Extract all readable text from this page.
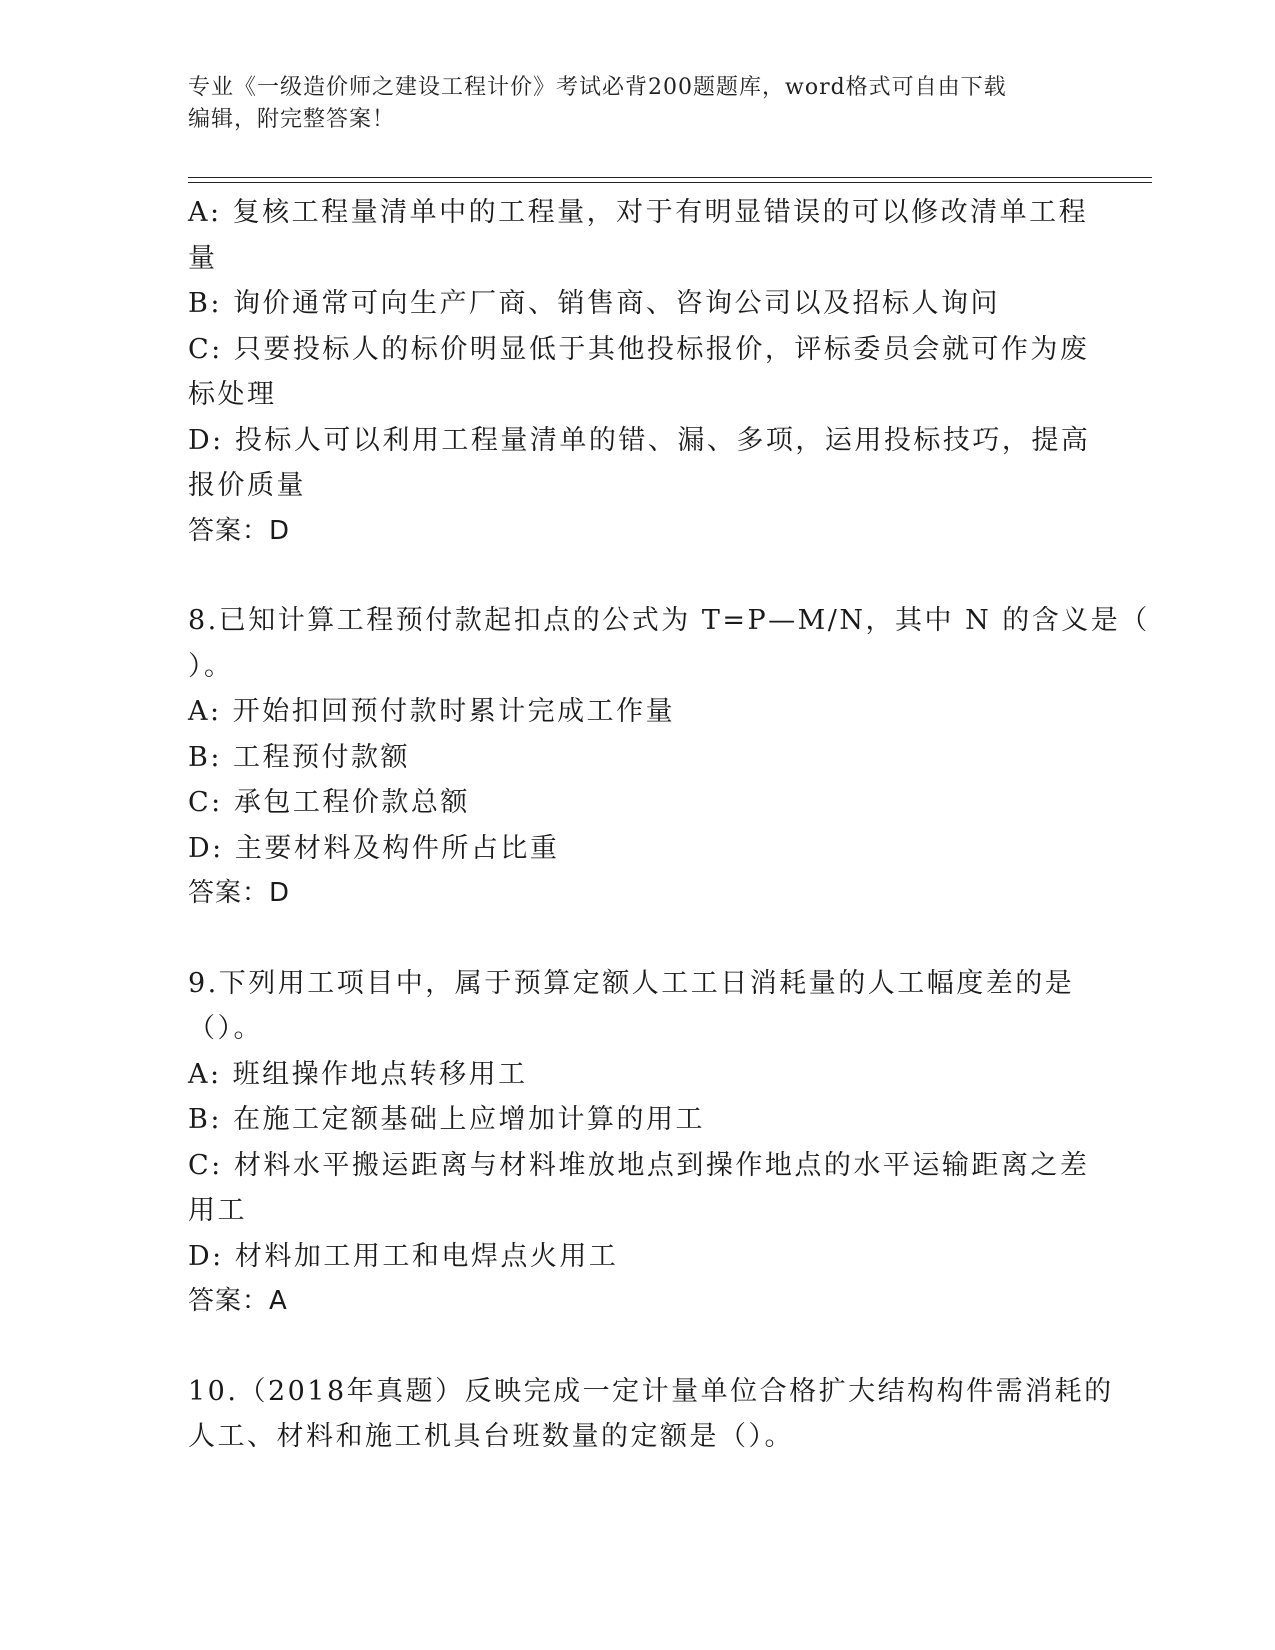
专业《一级造价师之建设工程计价》考试必背200题题库，word格式可自由下载
编辑，附完整答案！
A: 复核工程量清单中的工程量，对于有明显错误的可以修改清单工程
量
B: 询价通常可向生产厂商、销售商、咨询公司以及招标人询问
C: 只要投标人的标价明显低于其他投标报价，评标委员会就可作为废
标处理
D: 投标人可以利用工程量清单的错、漏、多项，运用投标技巧，提高
报价质量
答案：D
8.已知计算工程预付款起扣点的公式为 T=P—M/N，其中 N 的含义是（
）。
A: 开始扣回预付款时累计完成工作量
B: 工程预付款额
C: 承包工程价款总额
D: 主要材料及构件所占比重
答案：D
9.下列用工项目中，属于预算定额人工工日消耗量的人工幅度差的是
（）。
A: 班组操作地点转移用工
B: 在施工定额基础上应增加计算的用工
C: 材料水平搬运距离与材料堆放地点到操作地点的水平运输距离之差
用工
D: 材料加工用工和电焊点火用工
答案：A
10.（2018年真题）反映完成一定计量单位合格扩大结构构件需消耗的
人工、材料和施工机具台班数量的定额是（）。
